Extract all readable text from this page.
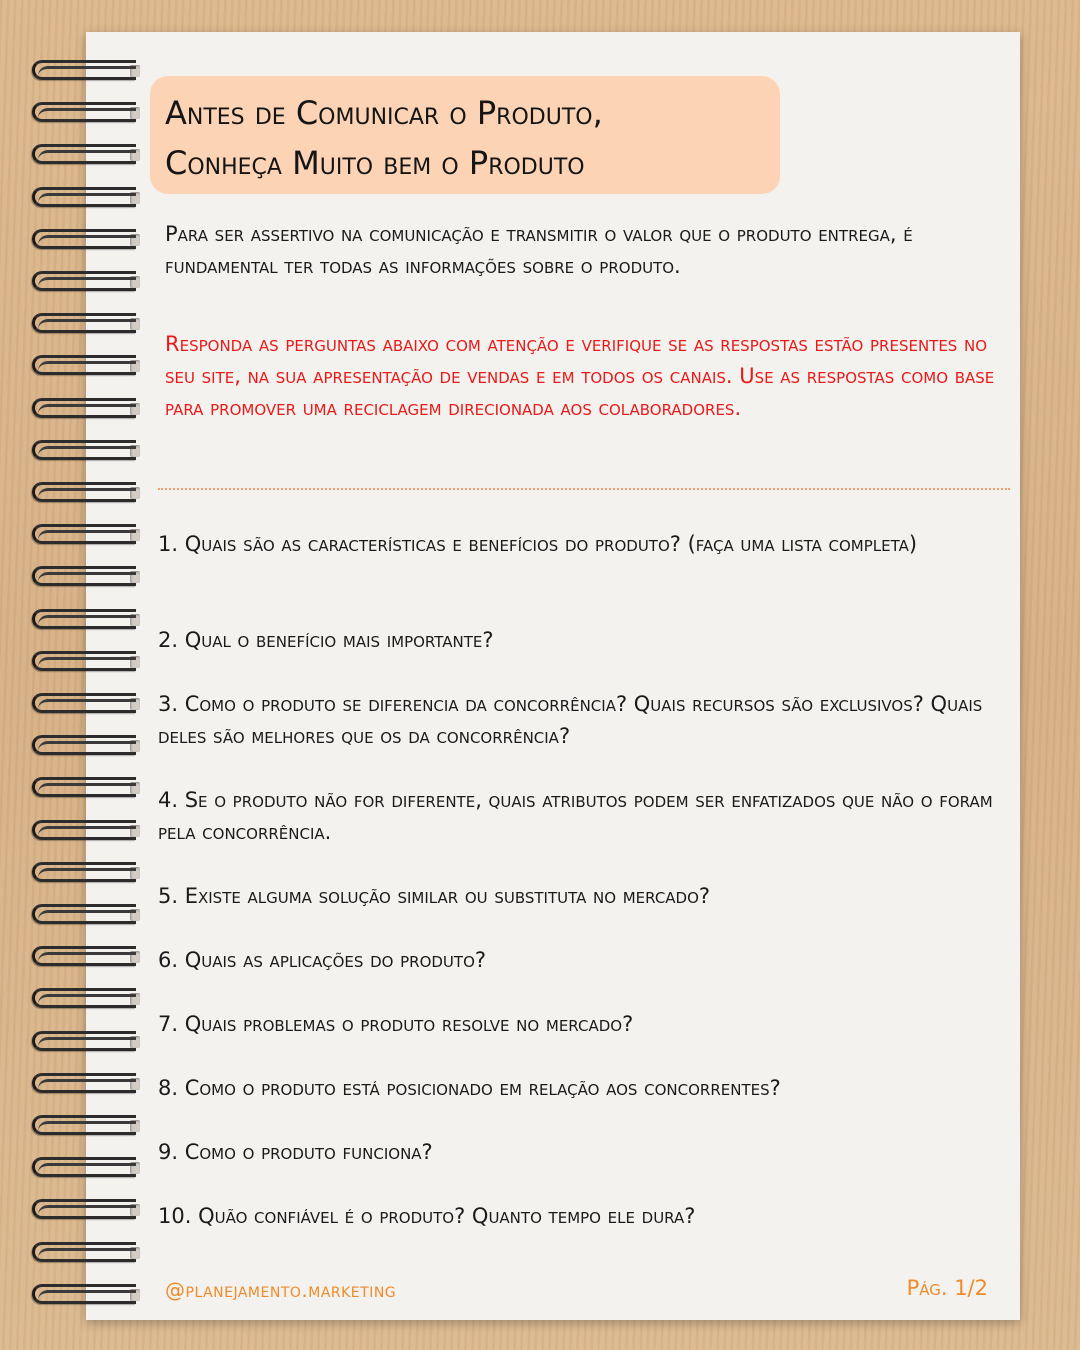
Antes de Comunicar o Produto,
Conheça Muito bem o Produto

Para ser assertivo na comunicação e transmitir o valor que o produto entrega, é fundamental ter todas as informações sobre o produto.

Responda as perguntas abaixo com atenção e verifique se as respostas estão presentes no seu site, na sua apresentação de vendas e em todos os canais. Use as respostas como base para promover uma reciclagem direcionada aos colaboradores.

1. Quais são as características e benefícios do produto? (faça uma lista completa)
2. Qual o benefício mais importante?
3. Como o produto se diferencia da concorrência? Quais recursos são exclusivos? Quais deles são melhores que os da concorrência?
4. Se o produto não for diferente, quais atributos podem ser enfatizados que não o foram pela concorrência.
5. Existe alguma solução similar ou substituta no mercado?
6. Quais as aplicações do produto?
7. Quais problemas o produto resolve no mercado?
8. Como o produto está posicionado em relação aos concorrentes?
9. Como o produto funciona?
10. Quão confiável é o produto? Quanto tempo ele dura?
@planejamento.marketing	Pág. 1/2
